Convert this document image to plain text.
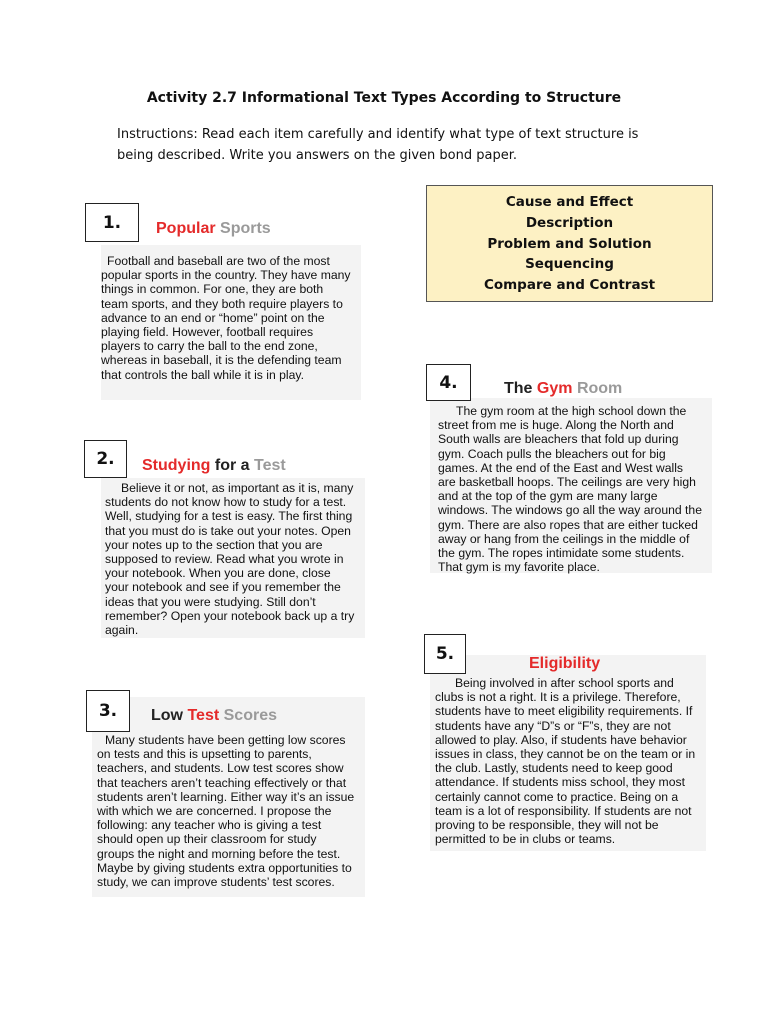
Activity 2.7 Informational Text Types According to Structure
Instructions: Read each item carefully and identify what type of text structure is being described. Write you answers on the given bond paper.
Cause and Effect
Description
Problem and Solution
Sequencing
Compare and Contrast
1.	Popular Sports

Football and baseball are two of the most popular sports in the country. They have many things in common. For one, they are both team sports, and they both require players to advance to an end or “home” point on the playing field. However, football requires players to carry the ball to the end zone, whereas in baseball, it is the defending team that controls the ball while it is in play.

2.	Studying for a Test

Believe it or not, as important as it is, many students do not know how to study for a test. Well, studying for a test is easy. The first thing that you must do is take out your notes. Open your notes up to the section that you are supposed to review. Read what you wrote in your notebook. When you are done, close your notebook and see if you remember the ideas that you were studying. Still don’t remember? Open your notebook back up a try again.

3.	Low Test Scores

Many students have been getting low scores on tests and this is upsetting to parents, teachers, and students. Low test scores show that teachers aren’t teaching effectively or that students aren’t learning. Either way it’s an issue with which we are concerned. I propose the following: any teacher who is giving a test should open up their classroom for study groups the night and morning before the test. Maybe by giving students extra opportunities to study, we can improve students’ test scores.

4.	The Gym Room

The gym room at the high school down the street from me is huge. Along the North and South walls are bleachers that fold up during gym. Coach pulls the bleachers out for big games. At the end of the East and West walls are basketball hoops. The ceilings are very high and at the top of the gym are many large windows. The windows go all the way around the gym. There are also ropes that are either tucked away or hang from the ceilings in the middle of the gym. The ropes intimidate some students. That gym is my favorite place.

5.	Eligibility

Being involved in after school sports and clubs is not a right. It is a privilege. Therefore, students have to meet eligibility requirements. If students have any “D”s or “F”s, they are not allowed to play. Also, if students have behavior issues in class, they cannot be on the team or in the club. Lastly, students need to keep good attendance. If students miss school, they most certainly cannot come to practice. Being on a team is a lot of responsibility. If students are not proving to be responsible, they will not be permitted to be in clubs or teams.
